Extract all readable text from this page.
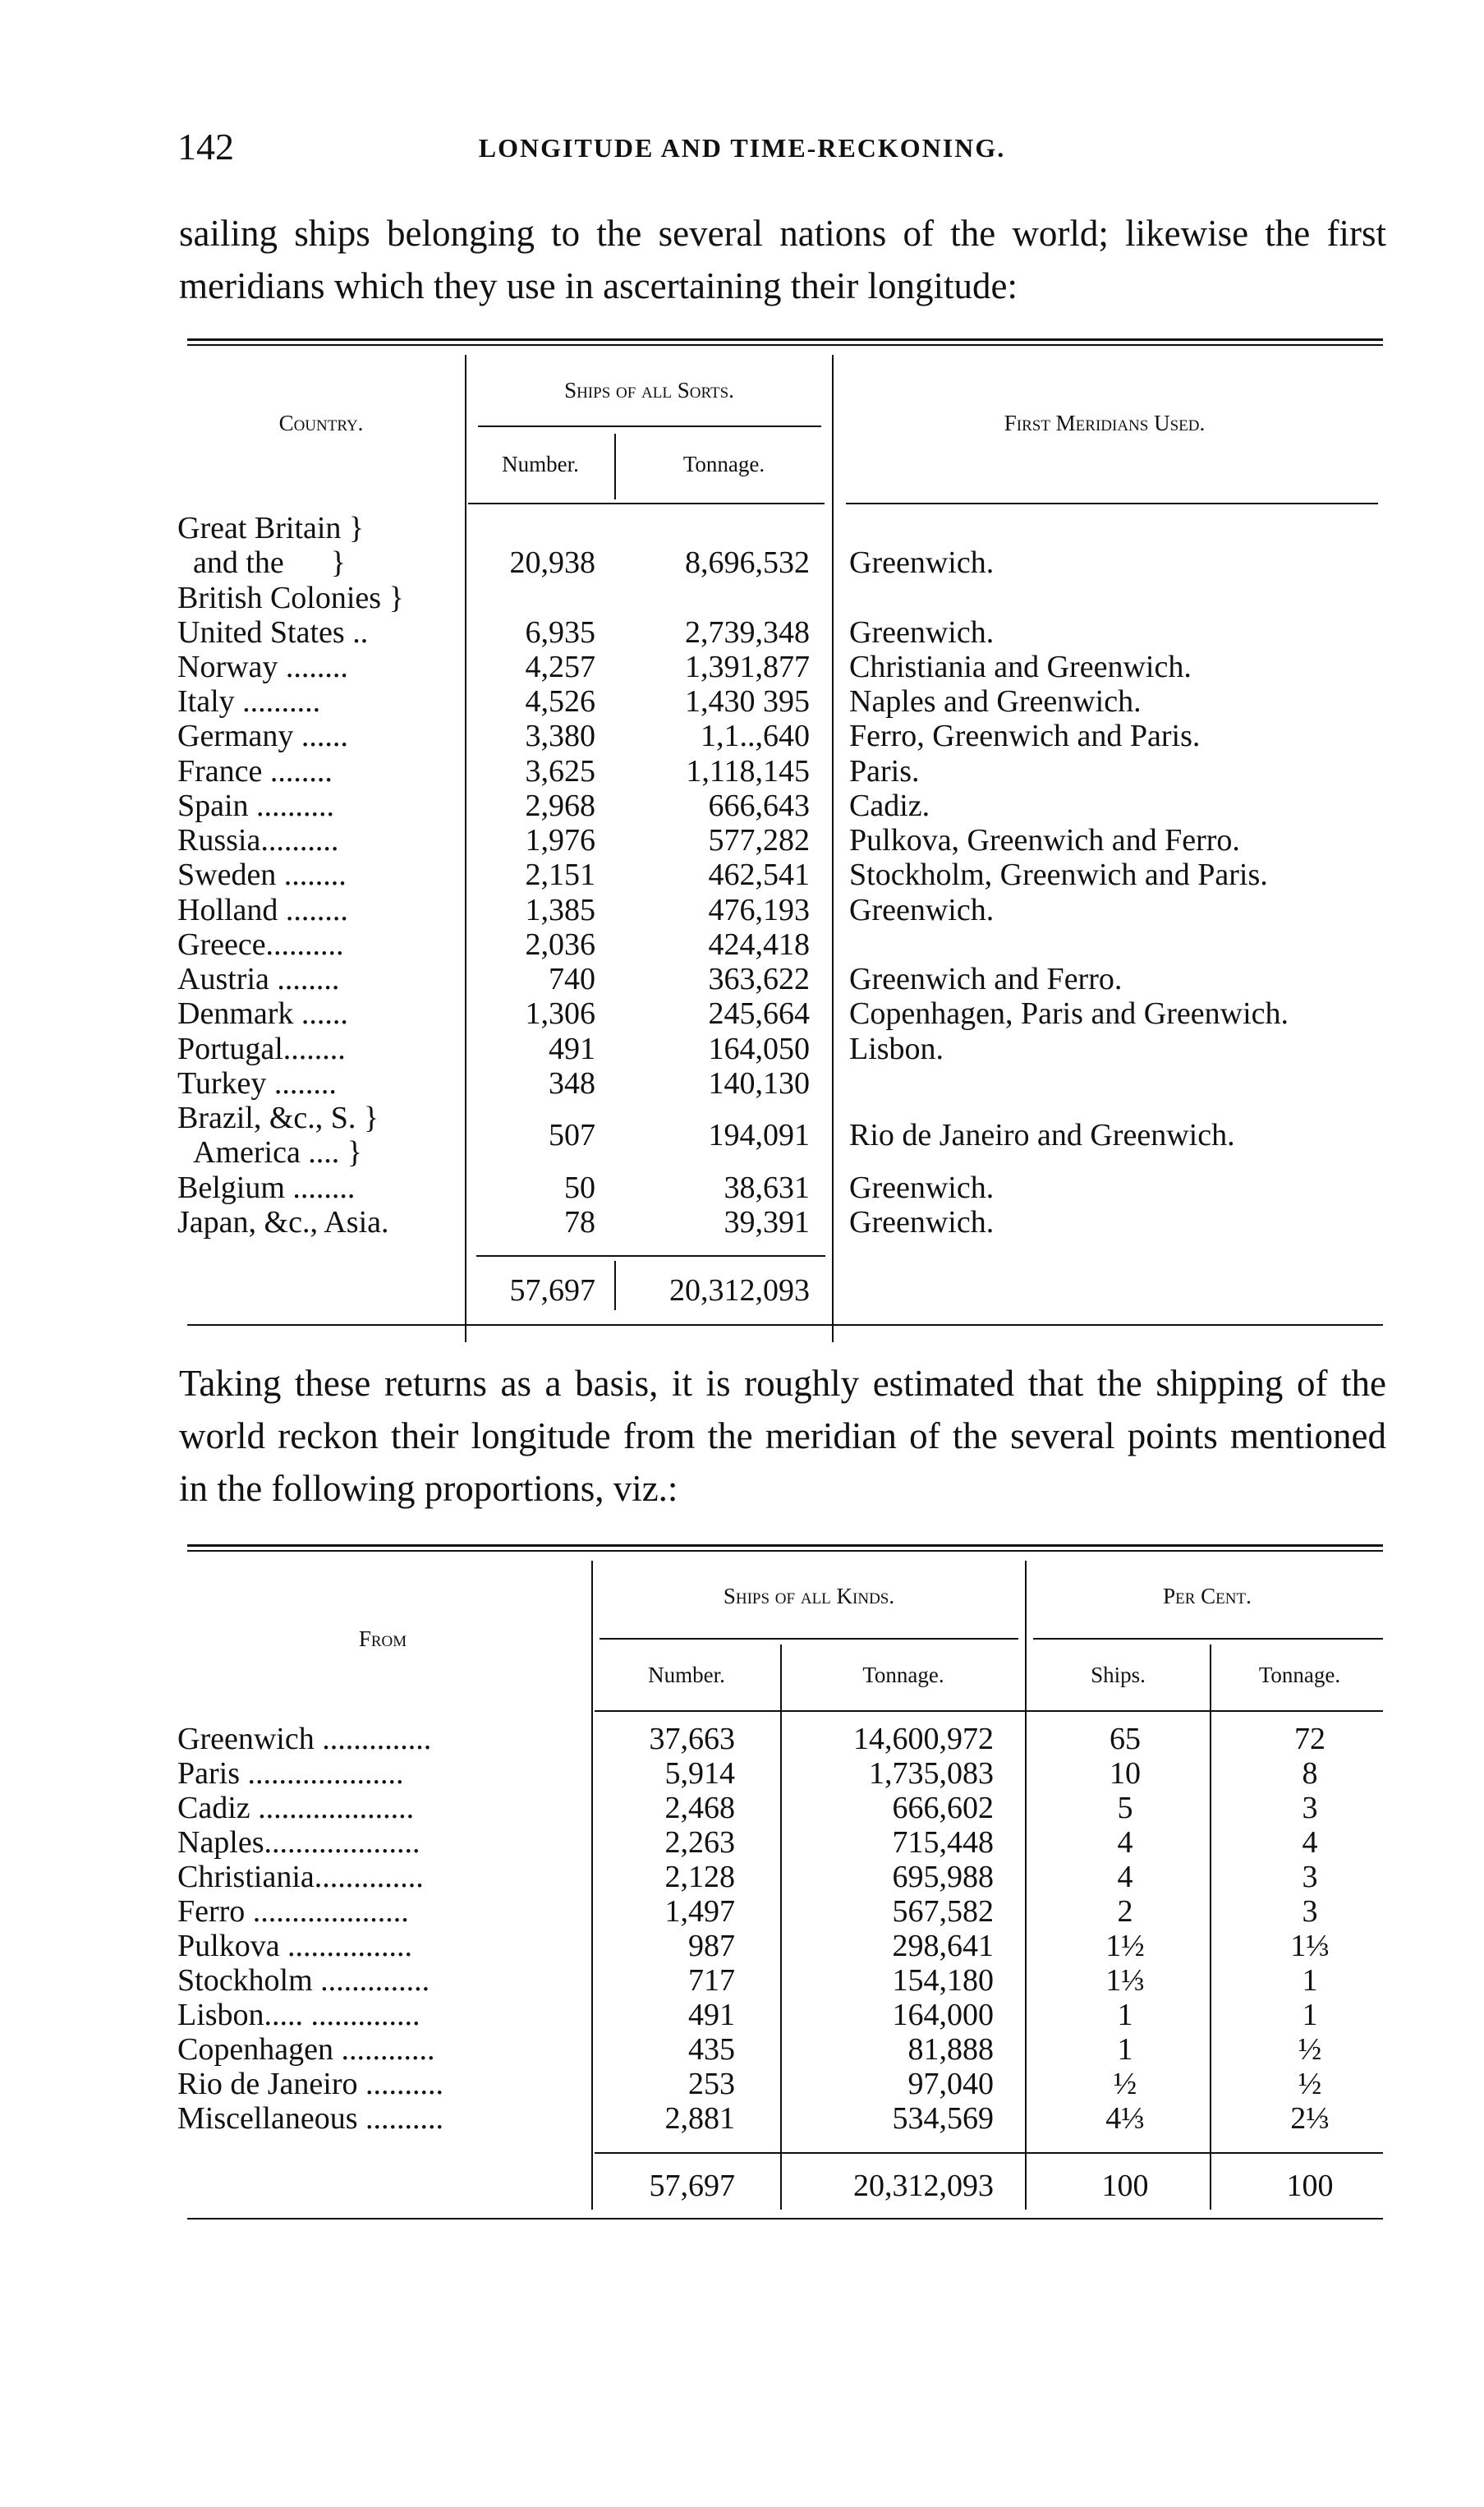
142	LONGITUDE AND TIME-RECKONING.
sailing ships belonging to the several nations of the world; likewise the first meridians which they use in ascertaining their longitude:
Country.
Ships of all Sorts.
Number.	Tonnage.
First Meridians Used.
Great Britain }
and the      }
British Colonies }
20,938	8,696,532 Greenwich.
United States ..	6,935	2,739,348 Greenwich.
Norway ........	4,257	1,391,877 Christiania and Greenwich.
Italy ..........	4,526	1,430 395 Naples and Greenwich.
Germany ......	3,380	1,1..,640 Ferro, Greenwich and Paris.
France ........	3,625	1,118,145 Paris.
Spain ..........	2,968	666,643 Cadiz.
Russia..........	1,976	577,282 Pulkova, Greenwich and Ferro.
Sweden ........	2,151	462,541 Stockholm, Greenwich and Paris.
Holland ........	1,385	476,193 Greenwich.
Greece..........	2,036	424,418
Austria ........	740	363,622 Greenwich and Ferro.
Denmark ......	1,306	245,664 Copenhagen, Paris and Greenwich.
Portugal........	491	164,050 Lisbon.
Turkey ........	348	140,130
Brazil, &c., S. }
America .... }
507	194,091 Rio de Janeiro and Greenwich.
Belgium ........	50	38,631 Greenwich.
Japan, &c., Asia.	78	39,391 Greenwich.
57,697	20,312,093
Taking these returns as a basis, it is roughly estimated that the shipping of the world reckon their longitude from the meridian of the several points mentioned in the following proportions, viz.:
From
Ships of all Kinds.	Per Cent.
Number.	Tonnage.	Ships.	Tonnage.
Greenwich ..............	37,663	14,600,972	65	72
Paris ....................	5,914	1,735,083	10	8
Cadiz ....................	2,468	666,602	5	3
Naples....................	2,263	715,448	4	4
Christiania..............	2,128	695,988	4	3
Ferro ....................	1,497	567,582	2	3
Pulkova ................	987	298,641	1½	1⅓
Stockholm ..............	717	154,180	1⅓	1
Lisbon..... ..............	491	164,000	1	1
Copenhagen ............	435	81,888	1	½
Rio de Janeiro ..........	253	97,040	½	½
Miscellaneous ..........	2,881	534,569	4⅓	2⅓
57,697	20,312,093	100	100
